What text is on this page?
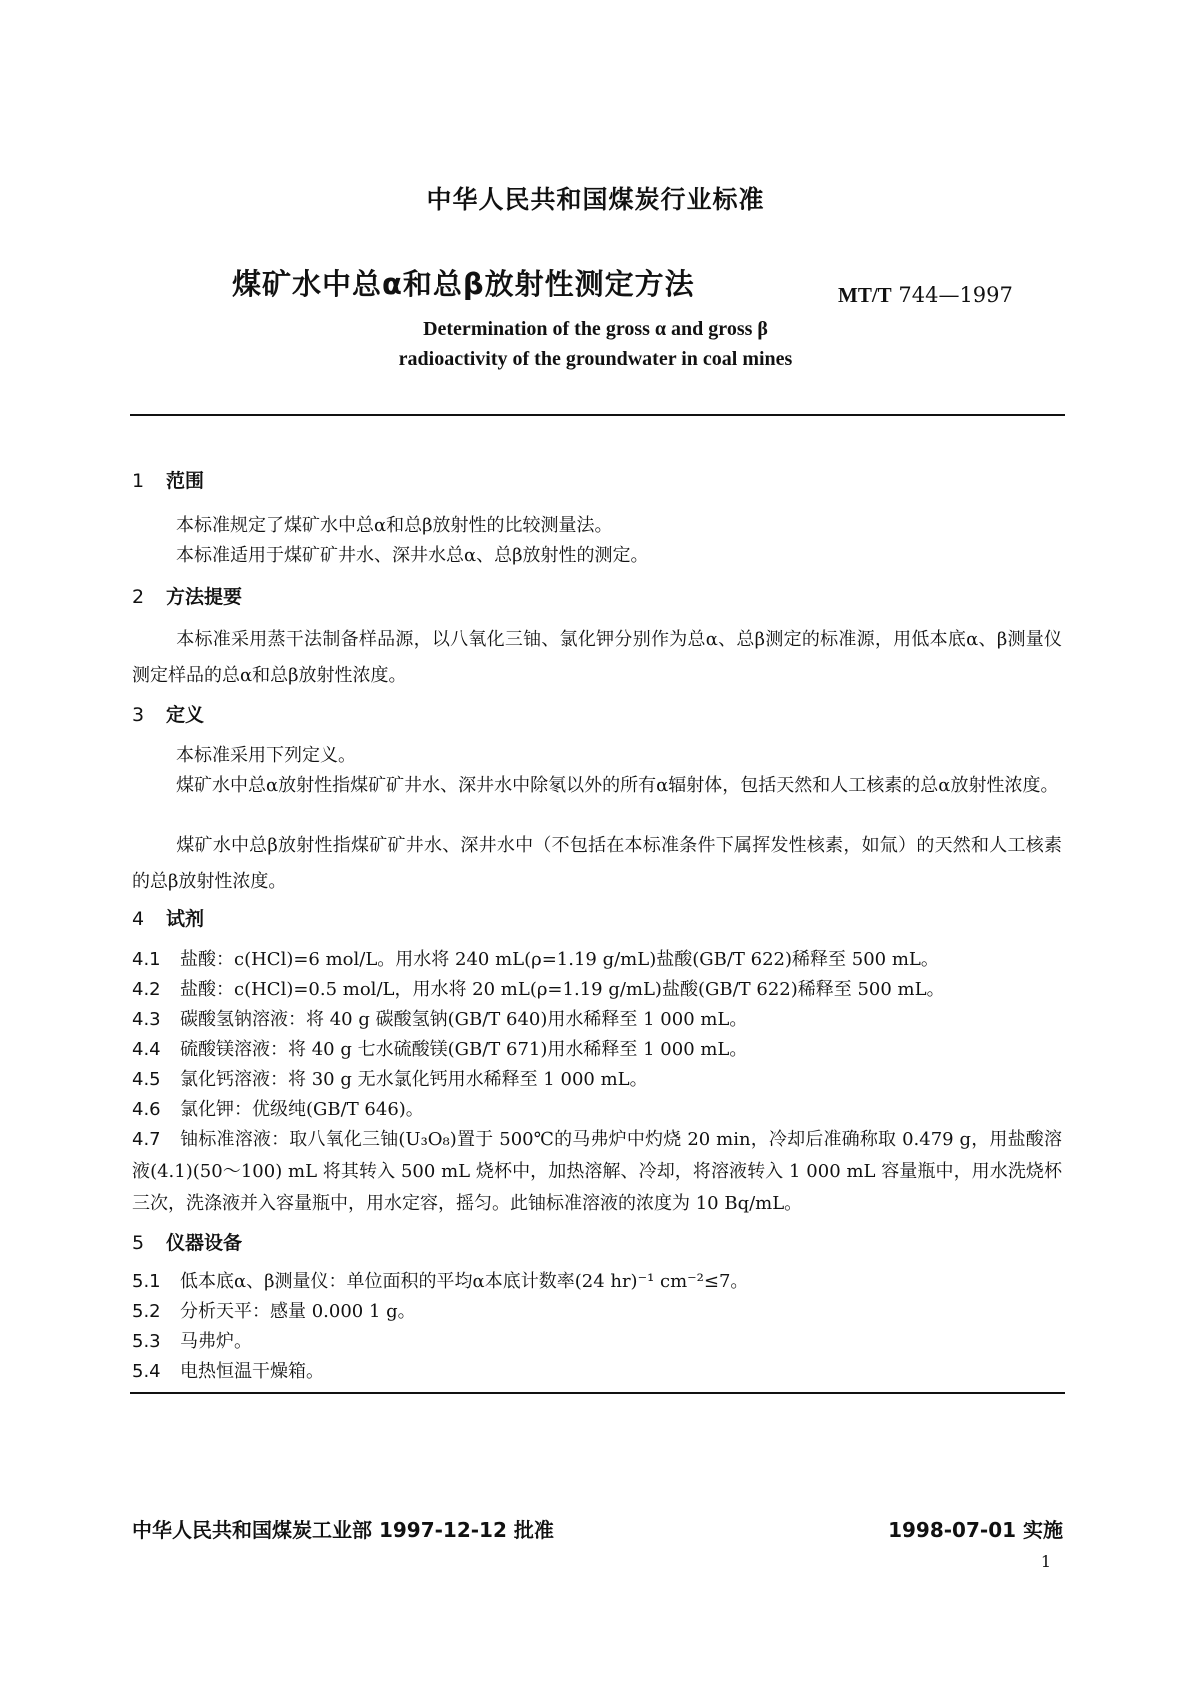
中华人民共和国煤炭行业标准
煤矿水中总α和总β放射性测定方法	MT/T 744—1997
Determination of the gross α and gross β
radioactivity of the groundwater in coal mines
1 范围
本标准规定了煤矿水中总α和总β放射性的比较测量法。
本标准适用于煤矿矿井水、深井水总α、总β放射性的测定。
2 方法提要
本标准采用蒸干法制备样品源，以八氧化三铀、氯化钾分别作为总α、总β测定的标准源，用低本底α、β测量仪测定样品的总α和总β放射性浓度。
3 定义
本标准采用下列定义。
煤矿水中总α放射性指煤矿矿井水、深井水中除氡以外的所有α辐射体，包括天然和人工核素的总α放射性浓度。
煤矿水中总β放射性指煤矿矿井水、深井水中（不包括在本标准条件下属挥发性核素，如氚）的天然和人工核素的总β放射性浓度。
4 试剂
4.1 盐酸：c(HCl)=6 mol/L。用水将 240 mL(ρ=1.19 g/mL)盐酸(GB/T 622)稀释至 500 mL。
4.2 盐酸：c(HCl)=0.5 mol/L，用水将 20 mL(ρ=1.19 g/mL)盐酸(GB/T 622)稀释至 500 mL。
4.3 碳酸氢钠溶液：将 40 g 碳酸氢钠(GB/T 640)用水稀释至 1 000 mL。
4.4 硫酸镁溶液：将 40 g 七水硫酸镁(GB/T 671)用水稀释至 1 000 mL。
4.5 氯化钙溶液：将 30 g 无水氯化钙用水稀释至 1 000 mL。
4.6 氯化钾：优级纯(GB/T 646)。
4.7 铀标准溶液：取八氧化三铀(U₃O₈)置于 500℃的马弗炉中灼烧 20 min，冷却后准确称取 0.479 g，用盐酸溶液(4.1)(50～100) mL 将其转入 500 mL 烧杯中，加热溶解、冷却，将溶液转入 1 000 mL 容量瓶中，用水洗烧杯三次，洗涤液并入容量瓶中，用水定容，摇匀。此铀标准溶液的浓度为 10 Bq/mL。
5 仪器设备
5.1 低本底α、β测量仪：单位面积的平均α本底计数率(24 hr)⁻¹ cm⁻²≤7。
5.2 分析天平：感量 0.000 1 g。
5.3 马弗炉。
5.4 电热恒温干燥箱。
中华人民共和国煤炭工业部 1997-12-12 批准	1998-07-01 实施
1
